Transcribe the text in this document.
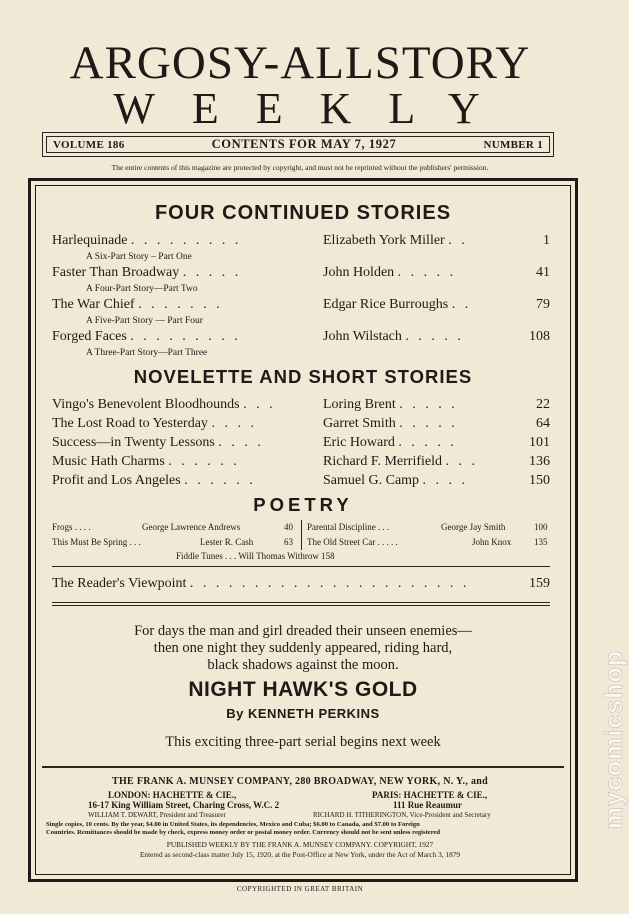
ARGOSY-ALLSTORY
WEEKLY
VOLUME 186	CONTENTS FOR MAY 7, 1927	NUMBER 1
The entire contents of this magazine are protected by copyright, and must not be reprinted without the publishers' permission.
FOUR CONTINUED STORIES
Harlequinade . . . . . . . . .	Elizabeth York Miller . .	1
A Six-Part Story – Part One
Faster Than Broadway . . . . .	John Holden . . . . .	41
A Four-Part Story—Part Two
The War Chief . . . . . . .	Edgar Rice Burroughs . .	79
A Five-Part Story — Part Four
Forged Faces . . . . . . . . .	John Wilstach . . . . .	108
A Three-Part Story—Part Three
NOVELETTE AND SHORT STORIES
Vingo's Benevolent Bloodhounds . . .	Loring Brent . . . . .	22
The Lost Road to Yesterday . . . .	Garret Smith . . . . .	64
Success—in Twenty Lessons . . . .	Eric Howard . . . . .	101
Music Hath Charms . . . . . .	Richard F. Merrifield . . .	136
Profit and Los Angeles . . . . . .	Samuel G. Camp . . . .	150
POETRY
Frogs . . . .	George Lawrence Andrews	40
This Must Be Spring . . .	Lester R. Cash	63
Parental Discipline . . .	George Jay Smith	100
The Old Street Car . . . . .	John Knox	135
Fiddle Tunes . . . Will Thomas Withrow 158
The Reader's Viewpoint . . . . . . . . . . . . . . . . . . . . . .	159
For days the man and girl dreaded their unseen enemies—
then one night they suddenly appeared, riding hard,
black shadows against the moon.
NIGHT HAWK'S GOLD
By KENNETH PERKINS
This exciting three-part serial begins next week
THE FRANK A. MUNSEY COMPANY, 280 BROADWAY, NEW YORK, N. Y., and
LONDON: HACHETTE & CIE.,	PARIS: HACHETTE & CIE.,
16-17 King William Street, Charing Cross, W.C. 2	111 Rue Reaumur
WILLIAM T. DEWART, President and Treasurer	RICHARD H. TITHERINGTON, Vice-President and Secretary
Single copies, 10 cents. By the year, $4.00 in United States, its dependencies, Mexico and Cuba; $6.00 to Canada, and $7.00 to Foreign
Countries. Remittances should be made by check, express money order or postal money order. Currency should not be sent unless registered
PUBLISHED WEEKLY BY THE FRANK A. MUNSEY COMPANY. COPYRIGHT, 1927
Entered as second-class matter July 15, 1920, at the Post-Office at New York, under the Act of March 3, 1879
COPYRIGHTED IN GREAT BRITAIN
mycomicshop
